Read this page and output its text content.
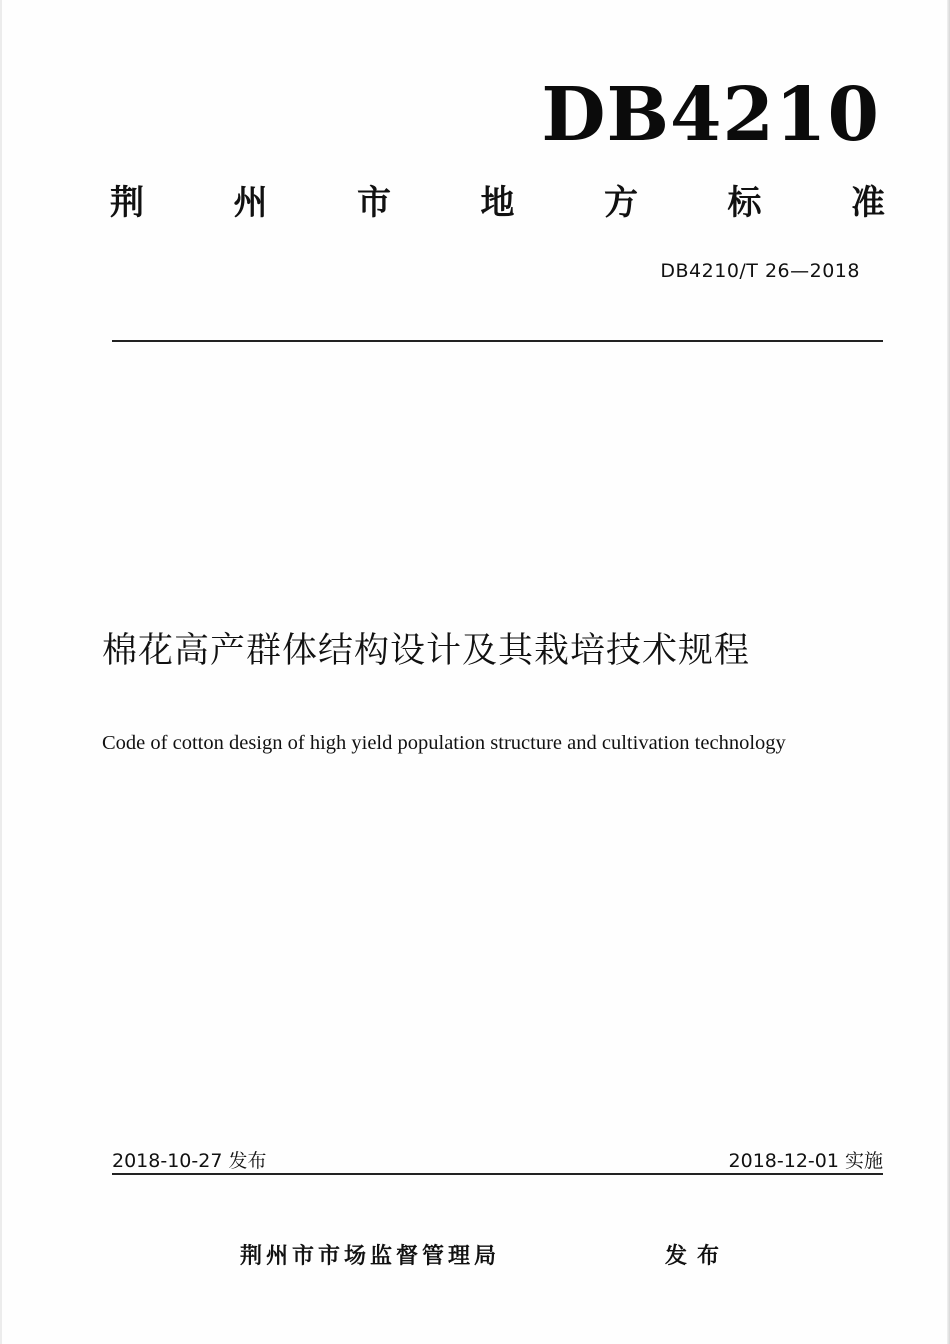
DB4210
荆	州	市	地	方	标	准
DB4210/T 26—2018
棉花高产群体结构设计及其栽培技术规程
Code of cotton design of high yield population structure and cultivation technology
2018-10-27 发布	2018-12-01 实施
荆州市市场监督管理局	发布
